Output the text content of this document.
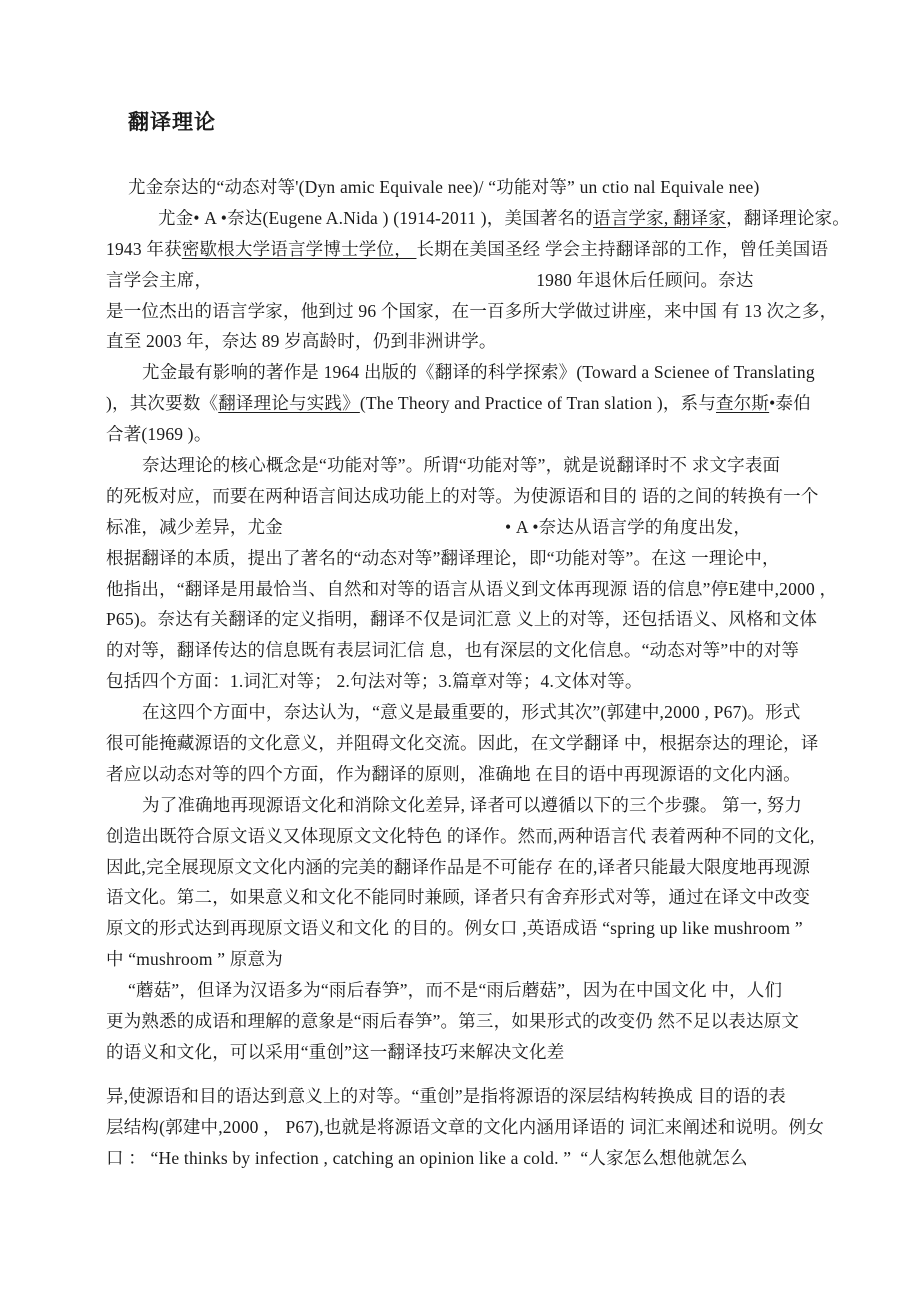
翻译理论
尤金奈达的“动态对等'(Dyn amic Equivale nee)/ “功能对等” un ctio nal Equivale nee)
尤金• A •奈达(Eugene A.Nida ) (1914-2011 )，美国著名的语言学家, 翻译家，翻译理论家。
1943 年获密歇根大学语言学博士学位， 长期在美国圣经 学会主持翻译部的工作，曾任美国语
言学会主席，	1980 年退休后任顾问。奈达
是一位杰出的语言学家，他到过 96 个国家，在一百多所大学做过讲座，来中国 有 13 次之多，
直至 2003 年，奈达 89 岁高龄时，仍到非洲讲学。
尤金最有影响的著作是 1964 出版的《翻译的科学探索》(Toward a Scienee of Translating
)，其次要数《翻译理论与实践》(The Theory and Practice of Tran slation )，系与查尔斯•泰伯
合著(1969 )。
奈达理论的核心概念是“功能对等”。所谓“功能对等”，就是说翻译时不 求文字表面
的死板对应，而要在两种语言间达成功能上的对等。为使源语和目的 语的之间的转换有一个
标准，减少差异，尤金	• A •奈达从语言学的角度出发，
根据翻译的本质，提出了著名的“动态对等”翻译理论，即“功能对等”。在这 一理论中，
他指出，“翻译是用最恰当、自然和对等的语言从语义到文体再现源 语的信息”停E建中,2000 ，
P65)。奈达有关翻译的定义指明，翻译不仅是词汇意 义上的对等，还包括语义、风格和文体
的对等，翻译传达的信息既有表层词汇信 息，也有深层的文化信息。“动态对等”中的对等
包括四个方面：1.词汇对等； 2.句法对等；3.篇章对等；4.文体对等。
在这四个方面中，奈达认为，“意义是最重要的，形式其次”(郭建中,2000 , P67)。形式
很可能掩藏源语的文化意义，并阻碍文化交流。因此，在文学翻译 中，根据奈达的理论，译
者应以动态对等的四个方面，作为翻译的原则，准确地 在目的语中再现源语的文化内涵。
为了准确地再现源语文化和消除文化差异, 译者可以遵循以下的三个步骤。 第一, 努力
创造出既符合原文语义又体现原文文化特色 的译作。然而,两种语言代 表着两种不同的文化,
因此,完全展现原文文化内涵的完美的翻译作品是不可能存 在的,译者只能最大限度地再现源
语文化。第二，如果意义和文化不能同时兼顾,  译者只有舍弃形式对等，通过在译文中改变
原文的形式达到再现原文语义和文化 的目的。例女口 ,英语成语 “spring up like mushroom ”
中 “mushroom ” 原意为
“蘑菇”，但译为汉语多为“雨后春笋”，而不是“雨后蘑菇”，因为在中国文化 中，人们
更为熟悉的成语和理解的意象是“雨后春笋”。第三，如果形式的改变仍 然不足以表达原文
的语义和文化，可以采用“重创”这一翻译技巧来解决文化差
异,使源语和目的语达到意义上的对等。“重创”是指将源语的深层结构转换成 目的语的表
层结构(郭建中,2000 ， P67),也就是将源语文章的文化内涵用译语的 词汇来阐述和说明。例女
口 ： “He thinks by infection , catching an opinion like a cold. ”  “人家怎么想他就怎么
